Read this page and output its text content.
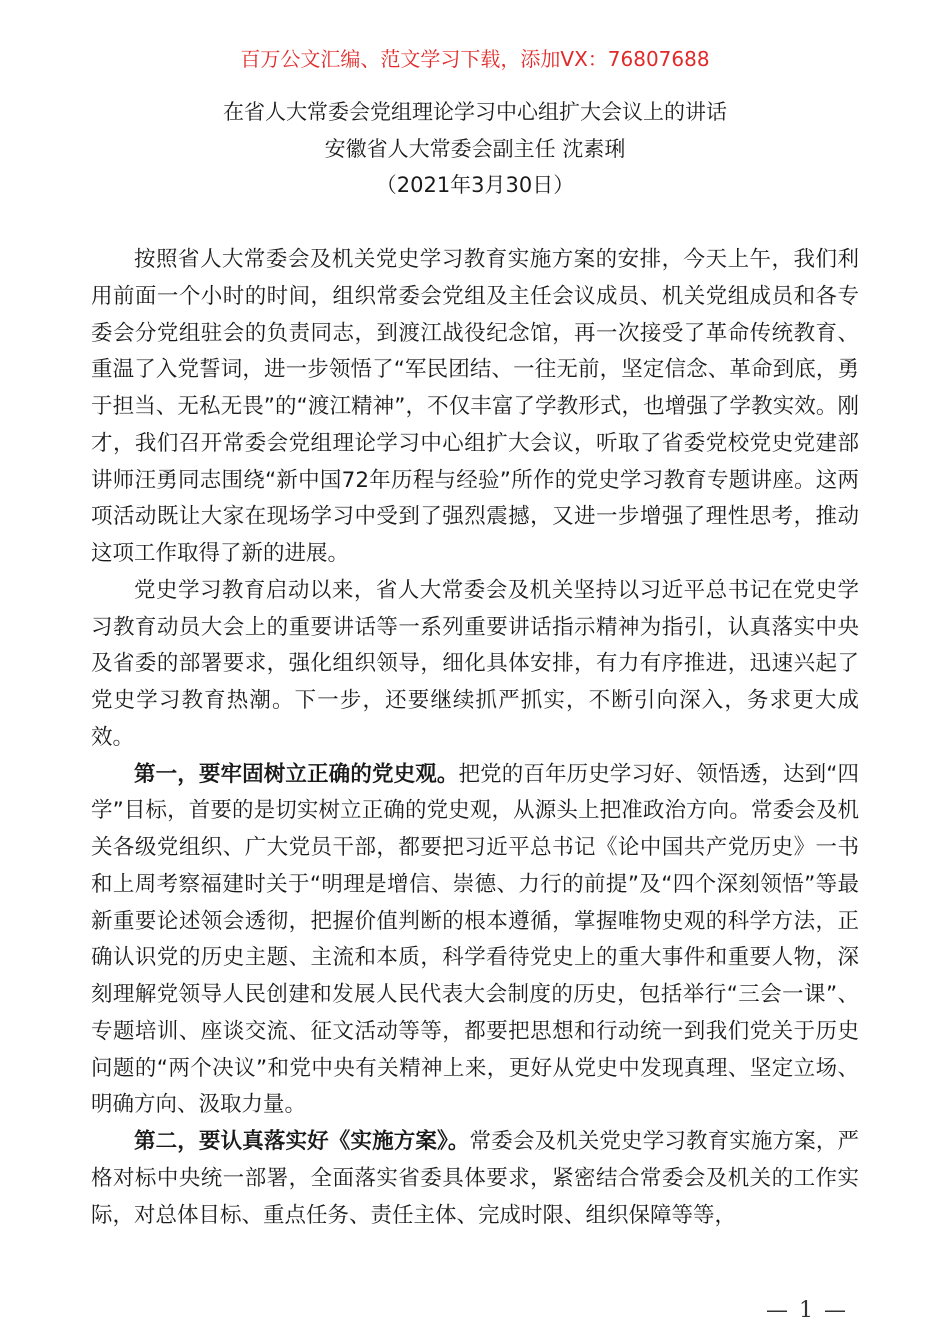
百万公文汇编、范文学习下载，添加VX：76807688
在省人大常委会党组理论学习中心组扩大会议上的讲话
安徽省人大常委会副主任 沈素琍
（2021年3月30日）

按照省人大常委会及机关党史学习教育实施方案的安排，今天上午，我们利用前面一个小时的时间，组织常委会党组及主任会议成员、机关党组成员和各专委会分党组驻会的负责同志，到渡江战役纪念馆，再一次接受了革命传统教育、重温了入党誓词，进一步领悟了“军民团结、一往无前，坚定信念、革命到底，勇于担当、无私无畏”的“渡江精神”，不仅丰富了学教形式，也增强了学教实效。刚才，我们召开常委会党组理论学习中心组扩大会议，听取了省委党校党史党建部讲师汪勇同志围绕“新中国72年历程与经验”所作的党史学习教育专题讲座。这两项活动既让大家在现场学习中受到了强烈震撼，又进一步增强了理性思考，推动这项工作取得了新的进展。

党史学习教育启动以来，省人大常委会及机关坚持以习近平总书记在党史学习教育动员大会上的重要讲话等一系列重要讲话指示精神为指引，认真落实中央及省委的部署要求，强化组织领导，细化具体安排，有力有序推进，迅速兴起了党史学习教育热潮。下一步，还要继续抓严抓实，不断引向深入，务求更大成效。

第一，要牢固树立正确的党史观。把党的百年历史学习好、领悟透，达到“四学”目标，首要的是切实树立正确的党史观，从源头上把准政治方向。常委会及机关各级党组织、广大党员干部，都要把习近平总书记《论中国共产党历史》一书和上周考察福建时关于“明理是增信、崇德、力行的前提”及“四个深刻领悟”等最新重要论述领会透彻，把握价值判断的根本遵循，掌握唯物史观的科学方法，正确认识党的历史主题、主流和本质，科学看待党史上的重大事件和重要人物，深刻理解党领导人民创建和发展人民代表大会制度的历史，包括举行“三会一课”、专题培训、座谈交流、征文活动等等，都要把思想和行动统一到我们党关于历史问题的“两个决议”和党中央有关精神上来，更好从党史中发现真理、坚定立场、明确方向、汲取力量。

第二，要认真落实好《实施方案》。常委会及机关党史学习教育实施方案，严格对标中央统一部署，全面落实省委具体要求，紧密结合常委会及机关的工作实际，对总体目标、重点任务、责任主体、完成时限、组织保障等等，

— 1 —
